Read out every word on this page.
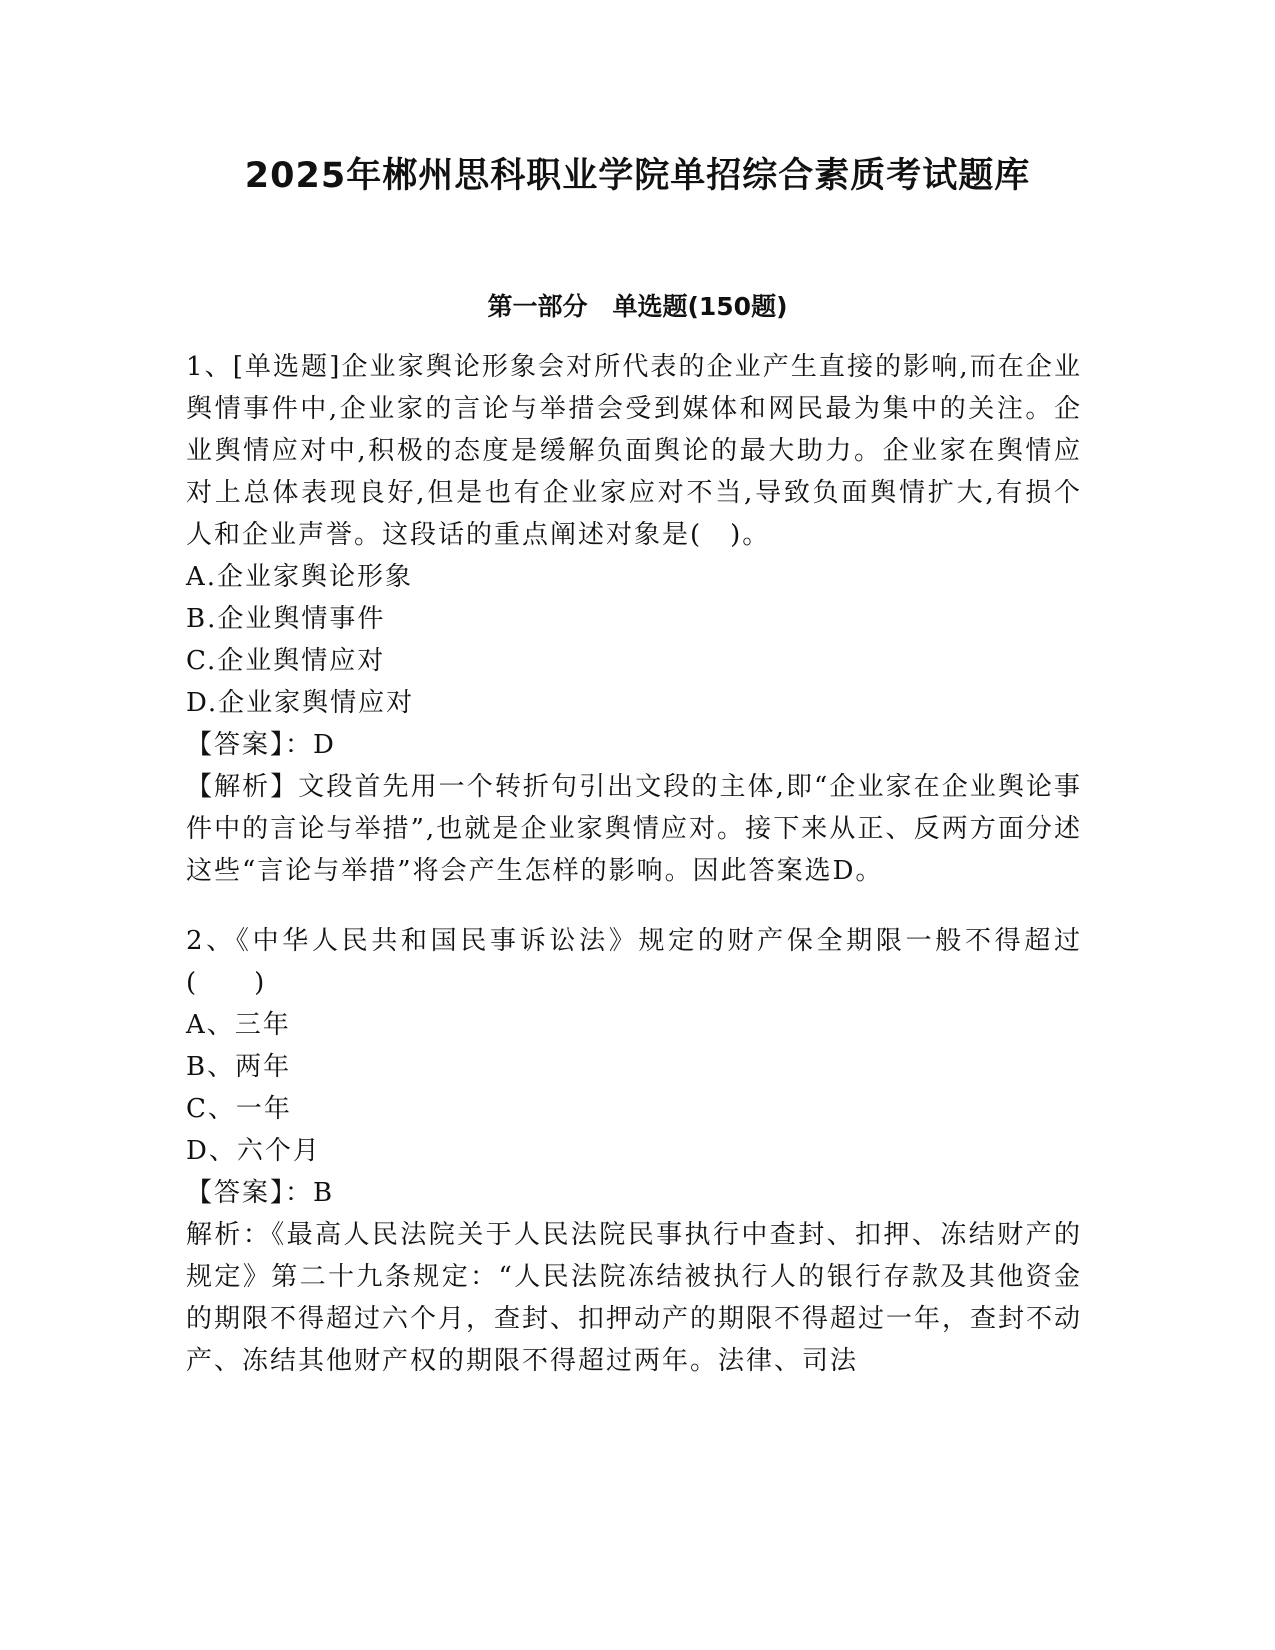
2025年郴州思科职业学院单招综合素质考试题库
第一部分　单选题(150题)

1、[单选题]企业家舆论形象会对所代表的企业产生直接的影响,而在企业舆情事件中,企业家的言论与举措会受到媒体和网民最为集中的关注。企业舆情应对中,积极的态度是缓解负面舆论的最大助力。企业家在舆情应对上总体表现良好,但是也有企业家应对不当,导致负面舆情扩大,有损个人和企业声誉。这段话的重点阐述对象是(　)。

A.企业家舆论形象

B.企业舆情事件

C.企业舆情应对

D.企业家舆情应对

【答案】：D

【解析】文段首先用一个转折句引出文段的主体,即“企业家在企业舆论事件中的言论与举措”,也就是企业家舆情应对。接下来从正、反两方面分述这些“言论与举措”将会产生怎样的影响。因此答案选D。

2、《中华人民共和国民事诉讼法》规定的财产保全期限一般不得超过(　　)

A、三年

B、两年

C、一年

D、六个月

【答案】：B

解析：《最高人民法院关于人民法院民事执行中查封、扣押、冻结财产的规定》第二十九条规定：“人民法院冻结被执行人的银行存款及其他资金的期限不得超过六个月，查封、扣押动产的期限不得超过一年，查封不动产、冻结其他财产权的期限不得超过两年。法律、司法
